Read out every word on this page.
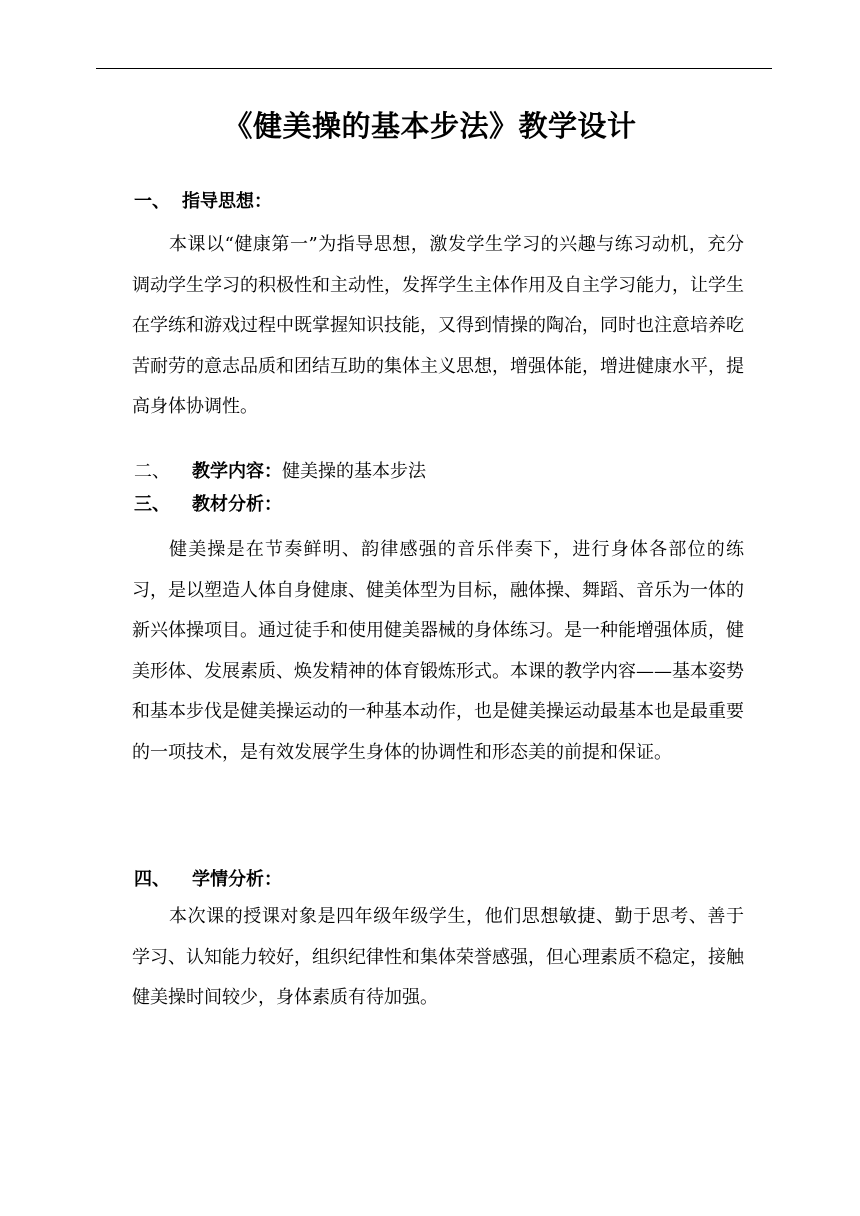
《健美操的基本步法》教学设计
一、 指导思想：

本课以“健康第一”为指导思想，激发学生学习的兴趣与练习动机，充分调动学生学习的积极性和主动性，发挥学生主体作用及自主学习能力，让学生在学练和游戏过程中既掌握知识技能，又得到情操的陶冶，同时也注意培养吃苦耐劳的意志品质和团结互助的集体主义思想，增强体能，增进健康水平，提高身体协调性。

二、 教学内容：健美操的基本步法
三、 教材分析：

健美操是在节奏鲜明、韵律感强的音乐伴奏下，进行身体各部位的练习，是以塑造人体自身健康、健美体型为目标，融体操、舞蹈、音乐为一体的新兴体操项目。通过徒手和使用健美器械的身体练习。是一种能增强体质，健美形体、发展素质、焕发精神的体育锻炼形式。本课的教学内容——基本姿势和基本步伐是健美操运动的一种基本动作，也是健美操运动最基本也是最重要的一项技术，是有效发展学生身体的协调性和形态美的前提和保证。

四、 学情分析：

本次课的授课对象是四年级年级学生，他们思想敏捷、勤于思考、善于学习、认知能力较好，组织纪律性和集体荣誉感强，但心理素质不稳定，接触健美操时间较少，身体素质有待加强。
